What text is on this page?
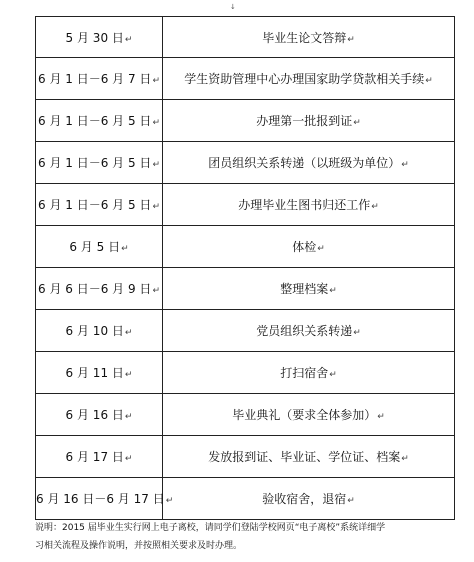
↓
5 月 30 日↵	毕业生论文答辩↵
6 月 1 日－6 月 7 日↵	学生资助管理中心办理国家助学贷款相关手续↵
6 月 1 日－6 月 5 日↵	办理第一批报到证↵
6 月 1 日－6 月 5 日↵	团员组织关系转递（以班级为单位）↵
6 月 1 日－6 月 5 日↵	办理毕业生图书归还工作↵
6 月 5 日↵	体检↵
6 月 6 日－6 月 9 日↵	整理档案↵
6 月 10 日↵	党员组织关系转递↵
6 月 11 日↵	打扫宿舍↵
6 月 16 日↵	毕业典礼（要求全体参加）↵
6 月 17 日↵	发放报到证、毕业证、学位证、档案↵
6 月 16 日－6 月 17 日↵	验收宿舍，退宿↵
说明：2015 届毕业生实行网上电子离校，请同学们登陆学校网页“电子离校”系统详细学
习相关流程及操作说明，并按照相关要求及时办理。
